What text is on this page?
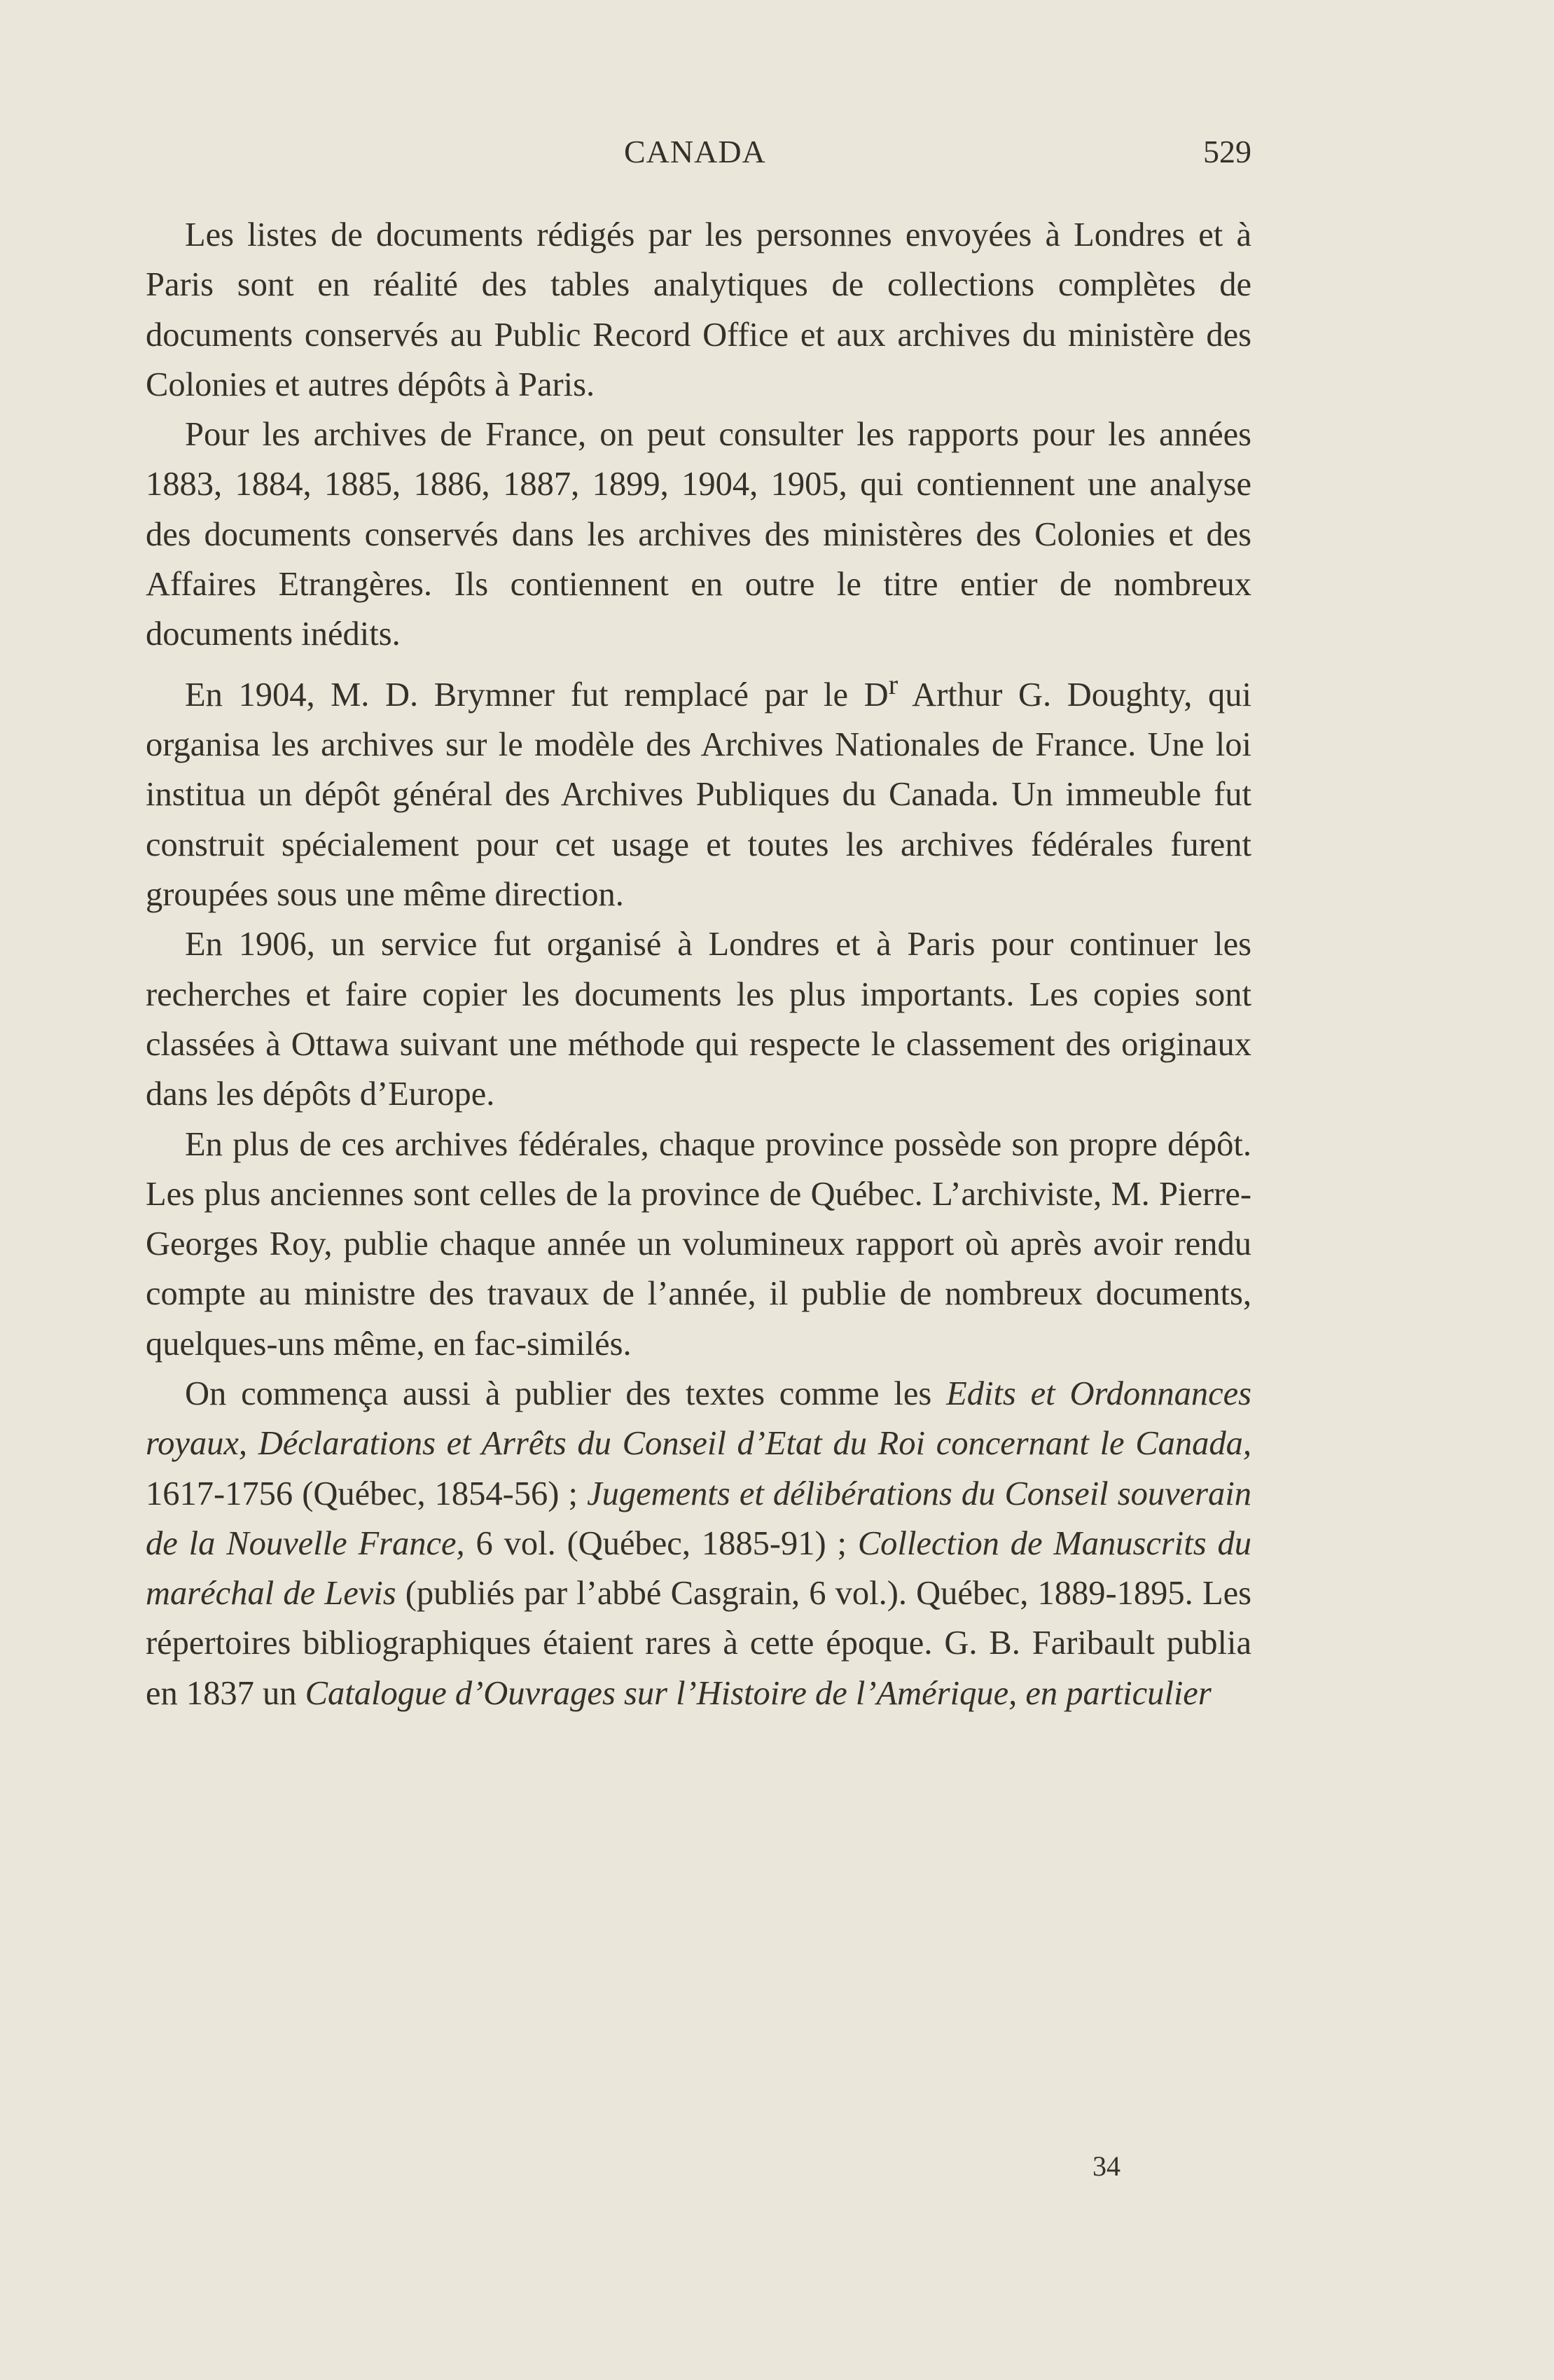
CANADA	529

Les listes de documents rédigés par les personnes envoyées à Londres et à Paris sont en réalité des tables analytiques de collections complètes de documents conservés au Public Record Office et aux archives du ministère des Colonies et autres dépôts à Paris.

Pour les archives de France, on peut consulter les rapports pour les années 1883, 1884, 1885, 1886, 1887, 1899, 1904, 1905, qui contiennent une analyse des documents conservés dans les archives des ministères des Colonies et des Affaires Etrangères. Ils contiennent en outre le titre entier de nombreux documents inédits.

En 1904, M. D. Brymner fut remplacé par le $D^r$ Arthur G. Doughty, qui organisa les archives sur le modèle des Archives Nationales de France. Une loi institua un dépôt général des Archives Publiques du Canada. Un immeuble fut construit spécialement pour cet usage et toutes les archives fédérales furent groupées sous une même direction.

En 1906, un service fut organisé à Londres et à Paris pour continuer les recherches et faire copier les documents les plus importants. Les copies sont classées à Ottawa suivant une méthode qui respecte le classement des originaux dans les dépôts d’Europe.

En plus de ces archives fédérales, chaque province possède son propre dépôt. Les plus anciennes sont celles de la province de Québec. L’archiviste, M. Pierre-Georges Roy, publie chaque année un volumineux rapport où après avoir rendu compte au ministre des travaux de l’année, il publie de nombreux documents, quelques-uns même, en fac-similés.

On commença aussi à publier des textes comme les Edits et Ordonnances royaux, Déclarations et Arrêts du Conseil d’Etat du Roi concernant le Canada, 1617-1756 (Québec, 1854-56) ; Jugements et délibérations du Conseil souverain de la Nouvelle France, 6 vol. (Québec, 1885-91) ; Collection de Manuscrits du maréchal de Levis (publiés par l’abbé Casgrain, 6 vol.). Québec, 1889-1895. Les répertoires bibliographiques étaient rares à cette époque. G. B. Faribault publia en 1837 un Catalogue d’Ouvrages sur l’Histoire de l’Amérique, en particulier

34
